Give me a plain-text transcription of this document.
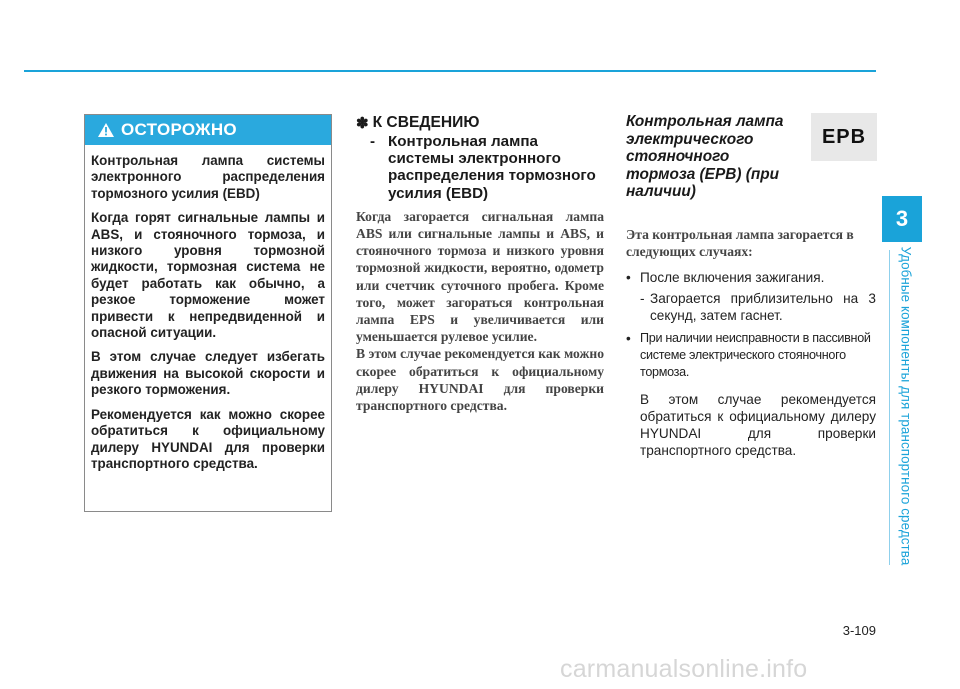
ОСТОРОЖНО

Контрольная лампа системы электронного распределения тормозного усилия (EBD)

Когда горят сигнальные лампы и ABS, и стояночного тормоза, и низкого уровня тормозной жидкости, тормозная система не будет работать как обычно, а резкое торможение может привести к непредвиденной и опасной ситуации.

В этом случае следует избегать движения на высокой скорости и резкого торможения.

Рекомендуется как можно скорее обратиться к официальному дилеру HYUNDAI для проверки транспортного средства.

✽ К СВЕДЕНИЮ
- Контрольная лампа системы электронного распределения тормозного усилия (EBD)

Когда загорается сигнальная лампа ABS или сигнальные лампы и ABS, и стояночного тормоза и низкого уровня тормозной жидкости, вероятно, одометр или счетчик суточного пробега. Кроме того, может загораться контрольная лампа EPS и увеличивается или уменьшается рулевое усилие.

В этом случае рекомендуется как можно скорее обратиться к официальному дилеру HYUNDAI для проверки транспортного средства.

Контрольная лампа электрического стояночного тормоза (EPB) (при наличии)
Эта контрольная лампа загорается в следующих случаях:
• После включения зажигания.
- Загорается приблизительно на 3 секунд, затем гаснет.
• При наличии неисправности в пассивной системе электрического стояночного тормоза.
В этом случае рекомендуется обратиться к официальному дилеру HYUNDAI для проверки транспортного средства.
EPB
3
Удобные компоненты для транспортного средства
3-109
carmanualsonline.info
